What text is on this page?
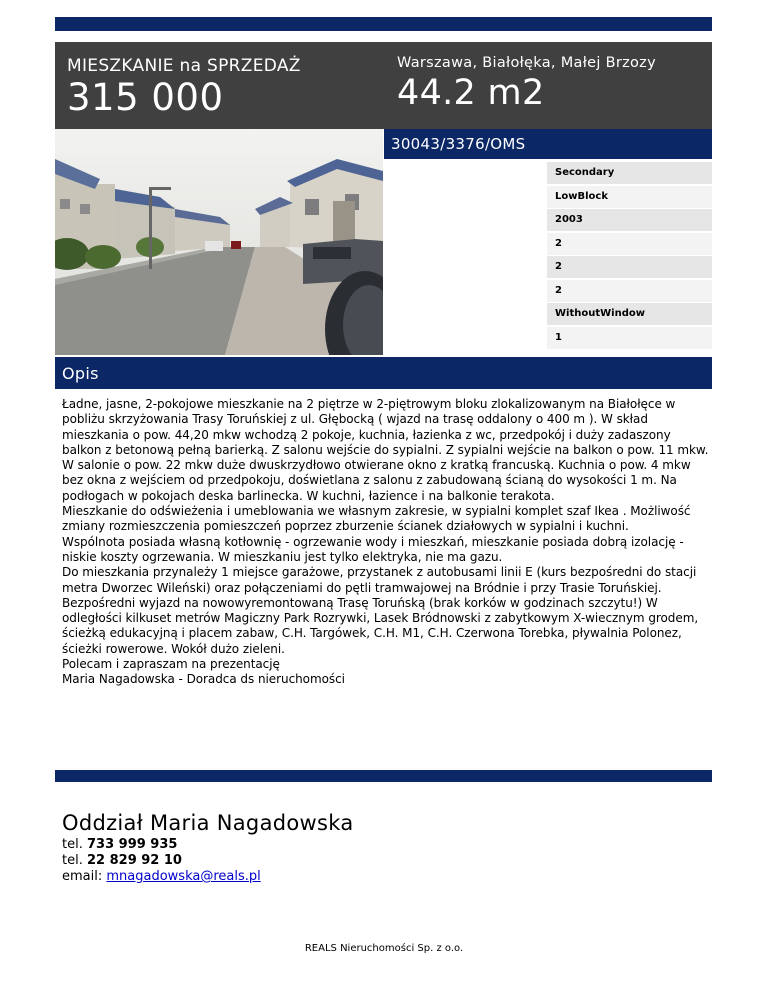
MIESZKANIE na SPRZEDAŻ
315 000
Warszawa, Białołęka, Małej Brzozy
44.2 m2
30043/3376/OMS
Secondary
LowBlock
2003
2
2
2
WithoutWindow
1
Opis

Ładne, jasne, 2-pokojowe mieszkanie na 2 piętrze w 2-piętrowym bloku zlokalizowanym na Białołęce w pobliżu skrzyżowania Trasy Toruńskiej z ul. Głębocką ( wjazd na trasę oddalony o 400 m ). W skład mieszkania o pow. 44,20 mkw wchodzą 2 pokoje, kuchnia, łazienka z wc, przedpokój i duży zadaszony balkon z betonową pełną barierką. Z salonu wejście do sypialni. Z sypialni wejście na balkon o pow. 11 mkw. W salonie o pow. 22 mkw duże dwuskrzydłowo otwierane okno z kratką francuską. Kuchnia o pow. 4 mkw bez okna z wejściem od przedpokoju, doświetlana z salonu z zabudowaną ścianą do wysokości 1 m. Na podłogach w pokojach deska barlinecka. W kuchni, łazience i na balkonie terakota.

Mieszkanie do odświeżenia i umeblowania we własnym zakresie, w sypialni komplet szaf Ikea . Możliwość zmiany rozmieszczenia pomieszczeń poprzez zburzenie ścianek działowych w sypialni i kuchni.

Wspólnota posiada własną kotłownię - ogrzewanie wody i mieszkań, mieszkanie posiada dobrą izolację - niskie koszty ogrzewania. W mieszkaniu jest tylko elektryka, nie ma gazu.

Do mieszkania przynależy 1 miejsce garażowe, przystanek z autobusami linii E (kurs bezpośredni do stacji metra Dworzec Wileński) oraz połączeniami do pętli tramwajowej na Bródnie i przy Trasie Toruńskiej.

Bezpośredni wyjazd na nowowyremontowaną Trasę Toruńską (brak korków w godzinach szczytu!) W odległości kilkuset metrów Magiczny Park Rozrywki, Lasek Bródnowski z zabytkowym X-wiecznym grodem, ścieżką edukacyjną i placem zabaw, C.H. Targówek, C.H. M1, C.H. Czerwona Torebka, pływalnia Polonez, ścieżki rowerowe. Wokół dużo zieleni.

Polecam i zapraszam na prezentację

Maria Nagadowska - Doradca ds nieruchomości

Oddział Maria Nagadowska
tel. 733 999 935
tel. 22 829 92 10
email: mnagadowska@reals.pl
REALS Nieruchomości Sp. z o.o.
